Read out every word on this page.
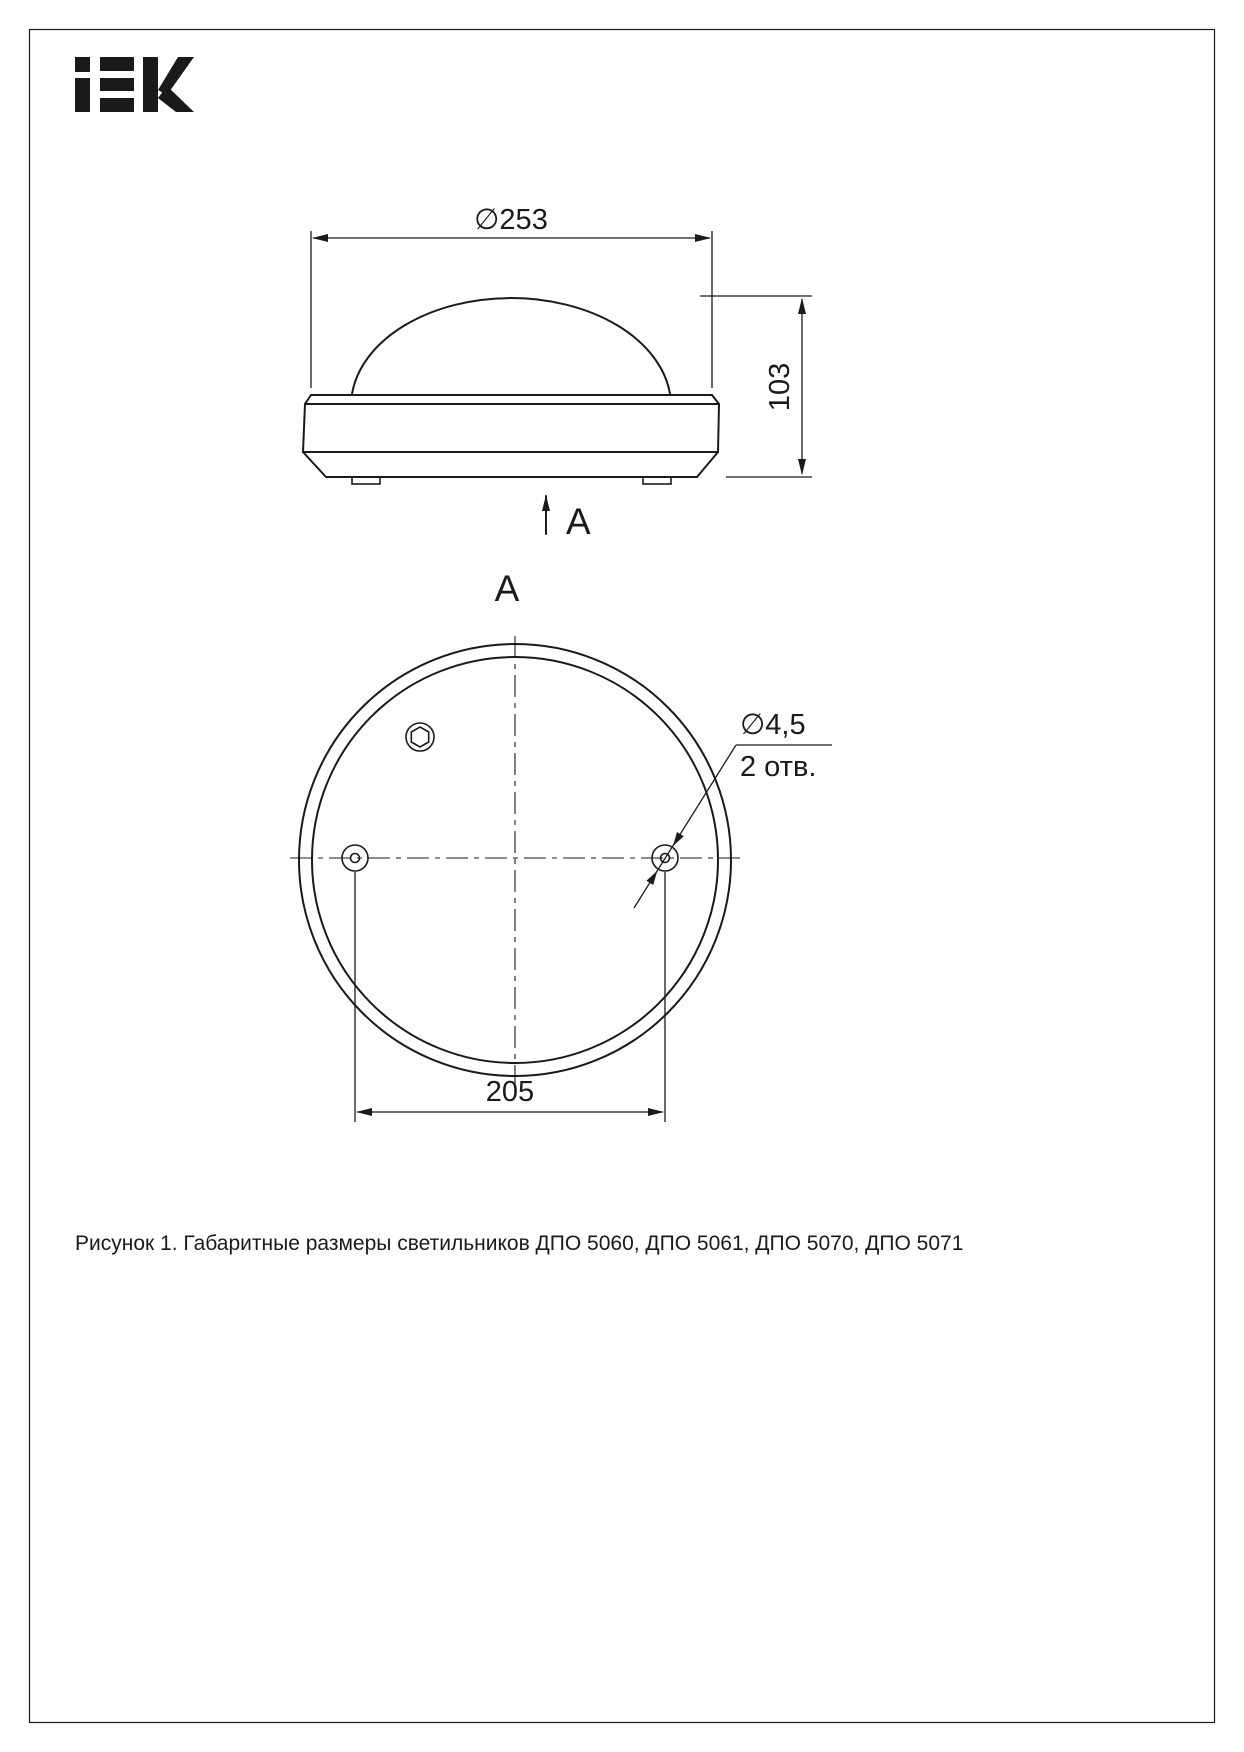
∅253
103
A
A
∅4,5
2 отв.
205
Рисунок 1. Габаритные размеры светильников ДПО 5060, ДПО 5061, ДПО 5070, ДПО 5071
